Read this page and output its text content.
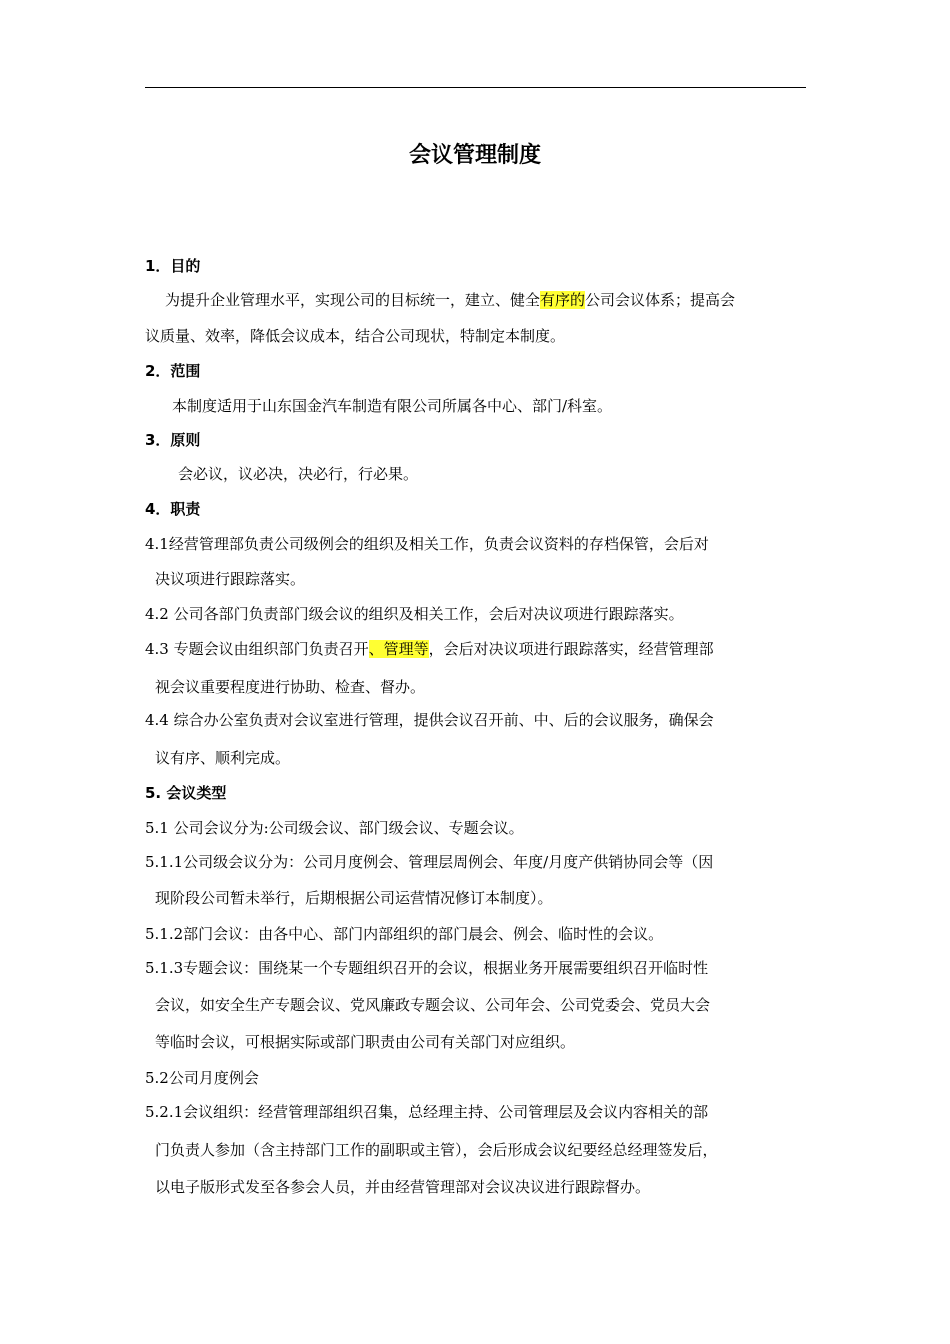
会议管理制度
1．目的
为提升企业管理水平，实现公司的目标统一，建立、健全有序的公司会议体系；提高会
议质量、效率，降低会议成本，结合公司现状，特制定本制度。
2．范围
本制度适用于山东国金汽车制造有限公司所属各中心、部门/科室。
3．原则
会必议，议必决，决必行，行必果。
4．职责
4.1经营管理部负责公司级例会的组织及相关工作，负责会议资料的存档保管，会后对
决议项进行跟踪落实。
4.2 公司各部门负责部门级会议的组织及相关工作，会后对决议项进行跟踪落实。
4.3 专题会议由组织部门负责召开、管理等，会后对决议项进行跟踪落实，经营管理部
视会议重要程度进行协助、检查、督办。
4.4 综合办公室负责对会议室进行管理，提供会议召开前、中、后的会议服务，确保会
议有序、顺利完成。
5. 会议类型
5.1 公司会议分为:公司级会议、部门级会议、专题会议。
5.1.1公司级会议分为：公司月度例会、管理层周例会、年度/月度产供销协同会等（因
现阶段公司暂未举行，后期根据公司运营情况修订本制度）。
5.1.2部门会议：由各中心、部门内部组织的部门晨会、例会、临时性的会议。
5.1.3专题会议：围绕某一个专题组织召开的会议，根据业务开展需要组织召开临时性
会议，如安全生产专题会议、党风廉政专题会议、公司年会、公司党委会、党员大会
等临时会议，可根据实际或部门职责由公司有关部门对应组织。
5.2公司月度例会
5.2.1会议组织：经营管理部组织召集，总经理主持、公司管理层及会议内容相关的部
门负责人参加（含主持部门工作的副职或主管），会后形成会议纪要经总经理签发后，
以电子版形式发至各参会人员，并由经营管理部对会议决议进行跟踪督办。
